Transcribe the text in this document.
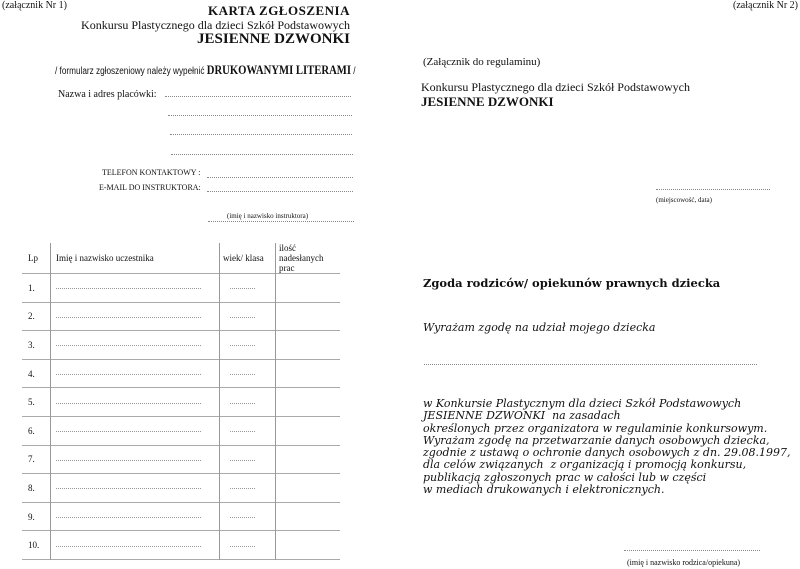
(załącznik Nr 1)	KARTA ZGŁOSZENIA
Konkursu Plastycznego dla dzieci Szkół Podstawowych
JESIENNE DZWONKI
/ formularz zgłoszeniowy należy wypełnić DRUKOWANYMI LITERAMI /
Nazwa i adres placówki:
TELEFON KONTAKTOWY :
E-MAIL DO INSTRUKTORA:
(imię i nazwisko instruktora)
Lp	Imię i nazwisko uczestnika	wiek/ klasa	ilość nadesłanych prac
1.			
2.			
3.			
4.			
5.			
6.			
7.			
8.			
9.			
10.			
(załącznik Nr 2)
(Załącznik do regulaminu)
Konkursu Plastycznego dla dzieci Szkół Podstawowych
JESIENNE DZWONKI
(miejscowość, data)
Zgoda rodziców/ opiekunów prawnych dziecka
Wyrażam zgodę na udział mojego dziecka
w Konkursie Plastycznym dla dzieci Szkół Podstawowych
JESIENNE DZWONKI  na zasadach
określonych przez organizatora w regulaminie konkursowym.
Wyrażam zgodę na przetwarzanie danych osobowych dziecka,
zgodnie z ustawą o ochronie danych osobowych z dn. 29.08.1997,
dla celów związanych  z organizacją i promocją konkursu,
publikacją zgłoszonych prac w całości lub w części
w mediach drukowanych i elektronicznych.
(imię i nazwisko rodzica/opiekuna)
